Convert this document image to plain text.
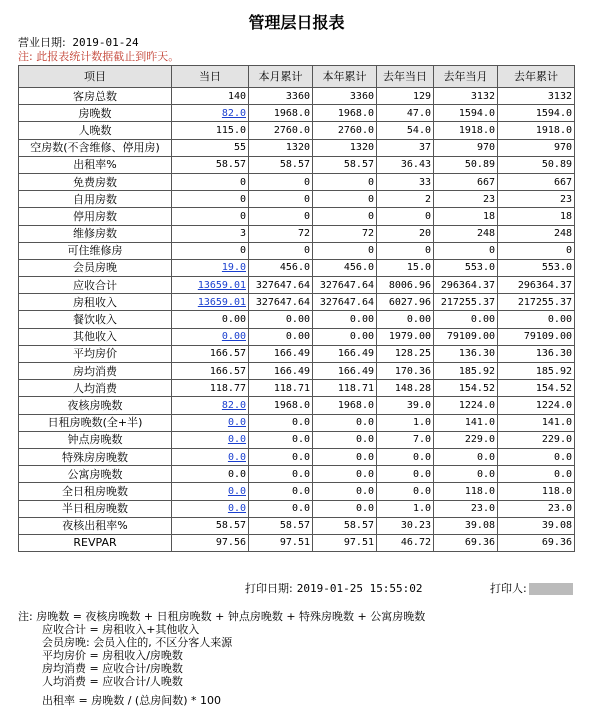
管理层日报表
营业日期: 2019-01-24
注: 此报表统计数据截止到昨天。
项目	当日	本月累计	本年累计	去年当日	去年当月	去年累计
客房总数	140	3360	3360	129	3132	3132
房晚数	82.0	1968.0	1968.0	47.0	1594.0	1594.0
人晚数	115.0	2760.0	2760.0	54.0	1918.0	1918.0
空房数(不含维修、停用房)	55	1320	1320	37	970	970
出租率%	58.57	58.57	58.57	36.43	50.89	50.89
免费房数	0	0	0	33	667	667
自用房数	0	0	0	2	23	23
停用房数	0	0	0	0	18	18
维修房数	3	72	72	20	248	248
可住维修房	0	0	0	0	0	0
会员房晚	19.0	456.0	456.0	15.0	553.0	553.0
应收合计	13659.01	327647.64	327647.64	8006.96	296364.37	296364.37
房租收入	13659.01	327647.64	327647.64	6027.96	217255.37	217255.37
餐饮收入	0.00	0.00	0.00	0.00	0.00	0.00
其他收入	0.00	0.00	0.00	1979.00	79109.00	79109.00
平均房价	166.57	166.49	166.49	128.25	136.30	136.30
房均消费	166.57	166.49	166.49	170.36	185.92	185.92
人均消费	118.77	118.71	118.71	148.28	154.52	154.52
夜核房晚数	82.0	1968.0	1968.0	39.0	1224.0	1224.0
日租房晚数(全+半)	0.0	0.0	0.0	1.0	141.0	141.0
钟点房晚数	0.0	0.0	0.0	7.0	229.0	229.0
特殊房房晚数	0.0	0.0	0.0	0.0	0.0	0.0
公寓房晚数	0.0	0.0	0.0	0.0	0.0	0.0
全日租房晚数	0.0	0.0	0.0	0.0	118.0	118.0
半日租房晚数	0.0	0.0	0.0	1.0	23.0	23.0
夜核出租率%	58.57	58.57	58.57	30.23	39.08	39.08
REVPAR	97.56	97.51	97.51	46.72	69.36	69.36
打印日期: 2019-01-25 15:55:02	打印人:
注: 房晚数 = 夜核房晚数 + 日租房晚数 + 钟点房晚数 + 特殊房晚数 + 公寓房晚数
应收合计 = 房租收入+其他收入
会员房晚: 会员入住的, 不区分客人来源
平均房价 = 房租收入/房晚数
房均消费 = 应收合计/房晚数
人均消费 = 应收合计/人晚数
出租率 = 房晚数 / (总房间数) * 100
